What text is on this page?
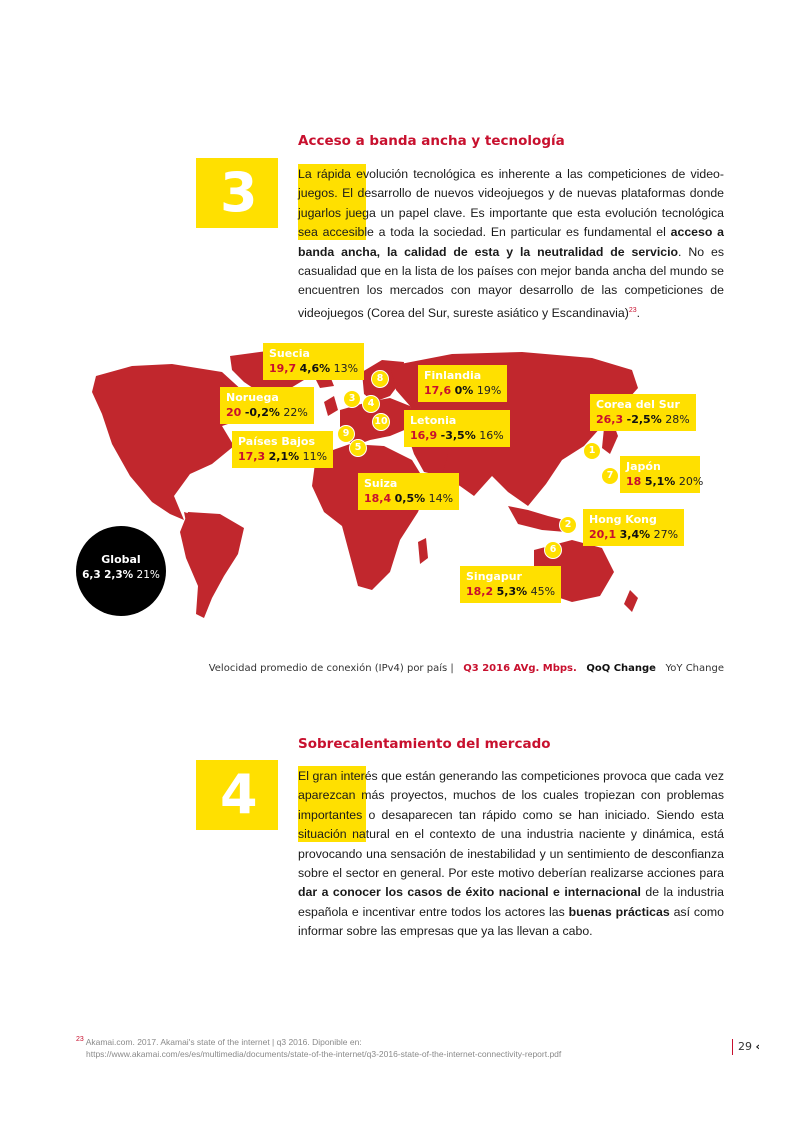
Acceso a banda ancha y tecnología
3	La rápida evolución tecnológica es inherente a las competiciones de video-juegos. El desarrollo de nuevos videojuegos y de nuevas plataformas donde jugarlos juega un papel clave. Es importante que esta evolución tecnológica sea accesible a toda la sociedad. En particular es fundamental el acceso a banda ancha, la calidad de esta y la neutralidad de servicio. No es casualidad que en la lista de los países con mejor banda ancha del mundo se encuentren los mercados con mayor desarrollo de las competiciones de videojuegos (Corea del Sur, sureste asiático y Escandinavia)$^{23}$.

Suecia
19,7 4,6% 13%
Finlandia
17,6 0% 19%
Noruega
20 -0,2% 22%
Letonia
16,9 -3,5% 16%
Corea del Sur
26,3 -2,5% 28%
Países Bajos
17,3 2,1% 11%
Japón
18 5,1% 20%
Suiza
18,4 0,5% 14%
Hong Kong
20,1 3,4% 27%
Singapur
18,2 5,3% 45%
8
3	4
10
9
5	1
7
2
6
Global
6,3 2,3% 21%
Velocidad promedio de conexión (IPv4) por país | Q3 2016 AVg. Mbps. QoQ Change YoY Change
Sobrecalentamiento del mercado
4	El gran interés que están generando las competiciones provoca que cada vez aparezcan más proyectos, muchos de los cuales tropiezan con problemas importantes o desaparecen tan rápido como se han iniciado. Siendo esta situación natural en el contexto de una industria naciente y dinámica, está provocando una sensación de inestabilidad y un sentimiento de desconfianza sobre el sector en general. Por este motivo deberían realizarse acciones para dar a conocer los casos de éxito nacional e internacional de la industria española e incentivar entre todos los actores las buenas prácticas así como informar sobre las empresas que ya las llevan a cabo.

$^{23}$ Akamai.com. 2017. Akamai's state of the internet | q3 2016. Diponible en:
https://www.akamai.com/es/es/multimedia/documents/state-of-the-internet/q3-2016-state-of-the-internet-connectivity-report.pdf
29 ‹
